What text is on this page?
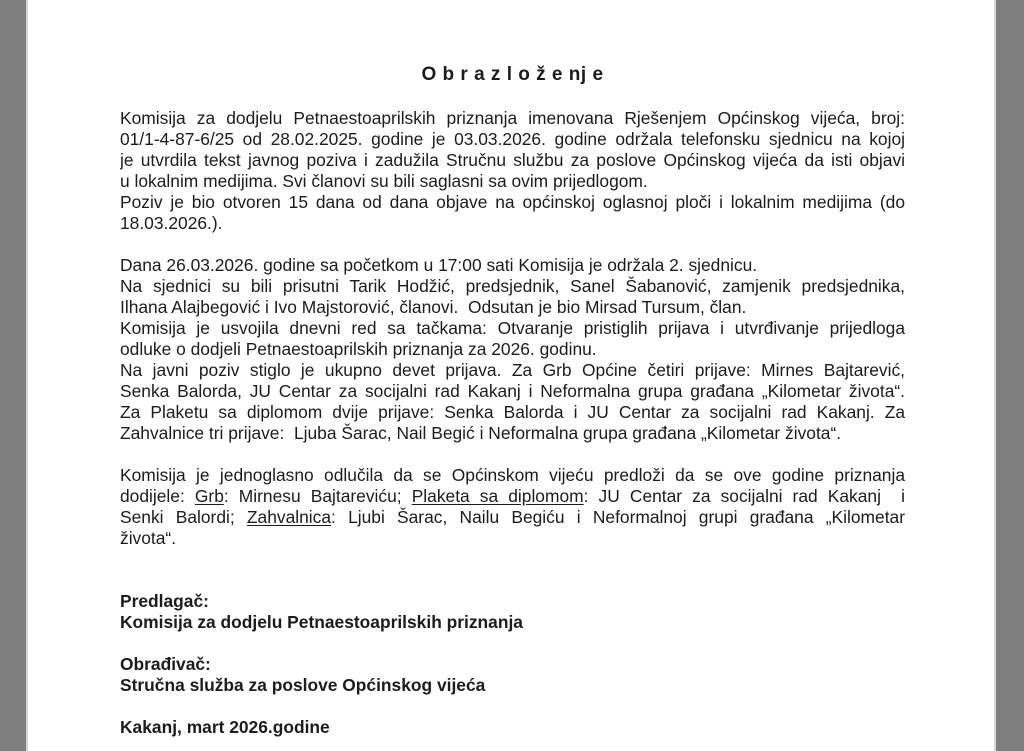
O b r a z l o ž e nj e
Komisija za dodjelu Petnaestoaprilskih priznanja imenovana Rješenjem Općinskog vijeća, broj:
01/1-4-87-6/25 od 28.02.2025. godine je 03.03.2026. godine održala telefonsku sjednicu na kojoj
je utvrdila tekst javnog poziva i zadužila Stručnu službu za poslove Općinskog vijeća da isti objavi
u lokalnim medijima. Svi članovi su bili saglasni sa ovim prijedlogom.
Poziv je bio otvoren 15 dana od dana objave na općinskoj oglasnoj ploči i lokalnim medijima (do
18.03.2026.).
Dana 26.03.2026. godine sa početkom u 17:00 sati Komisija je održala 2. sjednicu.
Na sjednici su bili prisutni Tarik Hodžić, predsjednik, Sanel Šabanović, zamjenik predsjednika,
Ilhana Alajbegović i Ivo Majstorović, članovi.  Odsutan je bio Mirsad Tursum, član.
Komisija je usvojila dnevni red sa tačkama: Otvaranje pristiglih prijava i utvrđivanje prijedloga
odluke o dodjeli Petnaestoaprilskih priznanja za 2026. godinu.
Na javni poziv stiglo je ukupno devet prijava. Za Grb Općine četiri prijave: Mirnes Bajtarević,
Senka Balorda, JU Centar za socijalni rad Kakanj i Neformalna grupa građana „Kilometar života“.
Za Plaketu sa diplomom dvije prijave: Senka Balorda i JU Centar za socijalni rad Kakanj. Za
Zahvalnice tri prijave:  Ljuba Šarac, Nail Begić i Neformalna grupa građana „Kilometar života“.
Komisija je jednoglasno odlučila da se Općinskom vijeću predloži da se ove godine priznanja
dodijele: Grb: Mirnesu Bajtareviću; Plaketa sa diplomom: JU Centar za socijalni rad Kakanj  i
Senki Balordi; Zahvalnica: Ljubi Šarac, Nailu Begiću i Neformalnoj grupi građana „Kilometar
života“.
Predlagač:
Komisija za dodjelu Petnaestoaprilskih priznanja
Obrađivač:
Stručna služba za poslove Općinskog vijeća
Kakanj, mart 2026.godine
